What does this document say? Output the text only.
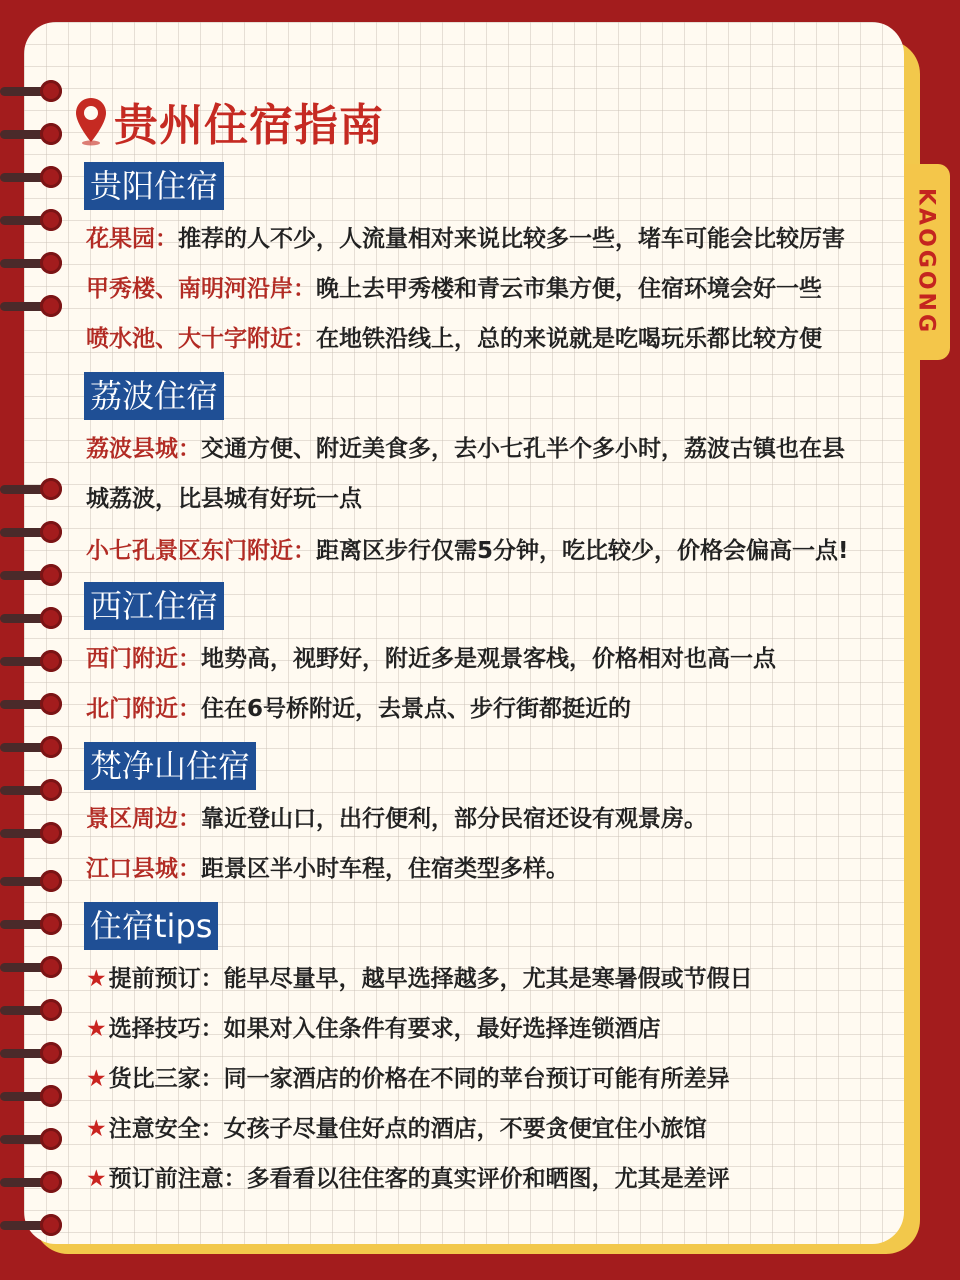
KAOGONG
贵州住宿指南
贵阳住宿
花果园：推荐的人不少，人流量相对来说比较多一些，堵车可能会比较厉害
甲秀楼、南明河沿岸：晚上去甲秀楼和青云市集方便，住宿环境会好一些
喷水池、大十字附近：在地铁沿线上，总的来说就是吃喝玩乐都比较方便
荔波住宿
荔波县城：交通方便、附近美食多，去小七孔半个多小时，荔波古镇也在县城荔波，比县城有好玩一点
小七孔景区东门附近：距离区步行仅需5分钟，吃比较少，价格会偏高一点!
西江住宿
西门附近：地势高，视野好，附近多是观景客栈，价格相对也高一点
北门附近：住在6号桥附近，去景点、步行街都挺近的
梵净山住宿
景区周边：靠近登山口，出行便利，部分民宿还设有观景房。
江口县城：距景区半小时车程，住宿类型多样。
住宿tips
★提前预订：能早尽量早，越早选择越多，尤其是寒暑假或节假日
★选择技巧：如果对入住条件有要求，最好选择连锁酒店
★货比三家：同一家酒店的价格在不同的苹台预订可能有所差异
★注意安全：女孩子尽量住好点的酒店，不要贪便宜住小旅馆
★预订前注意：多看看以往住客的真实评价和晒图，尤其是差评
